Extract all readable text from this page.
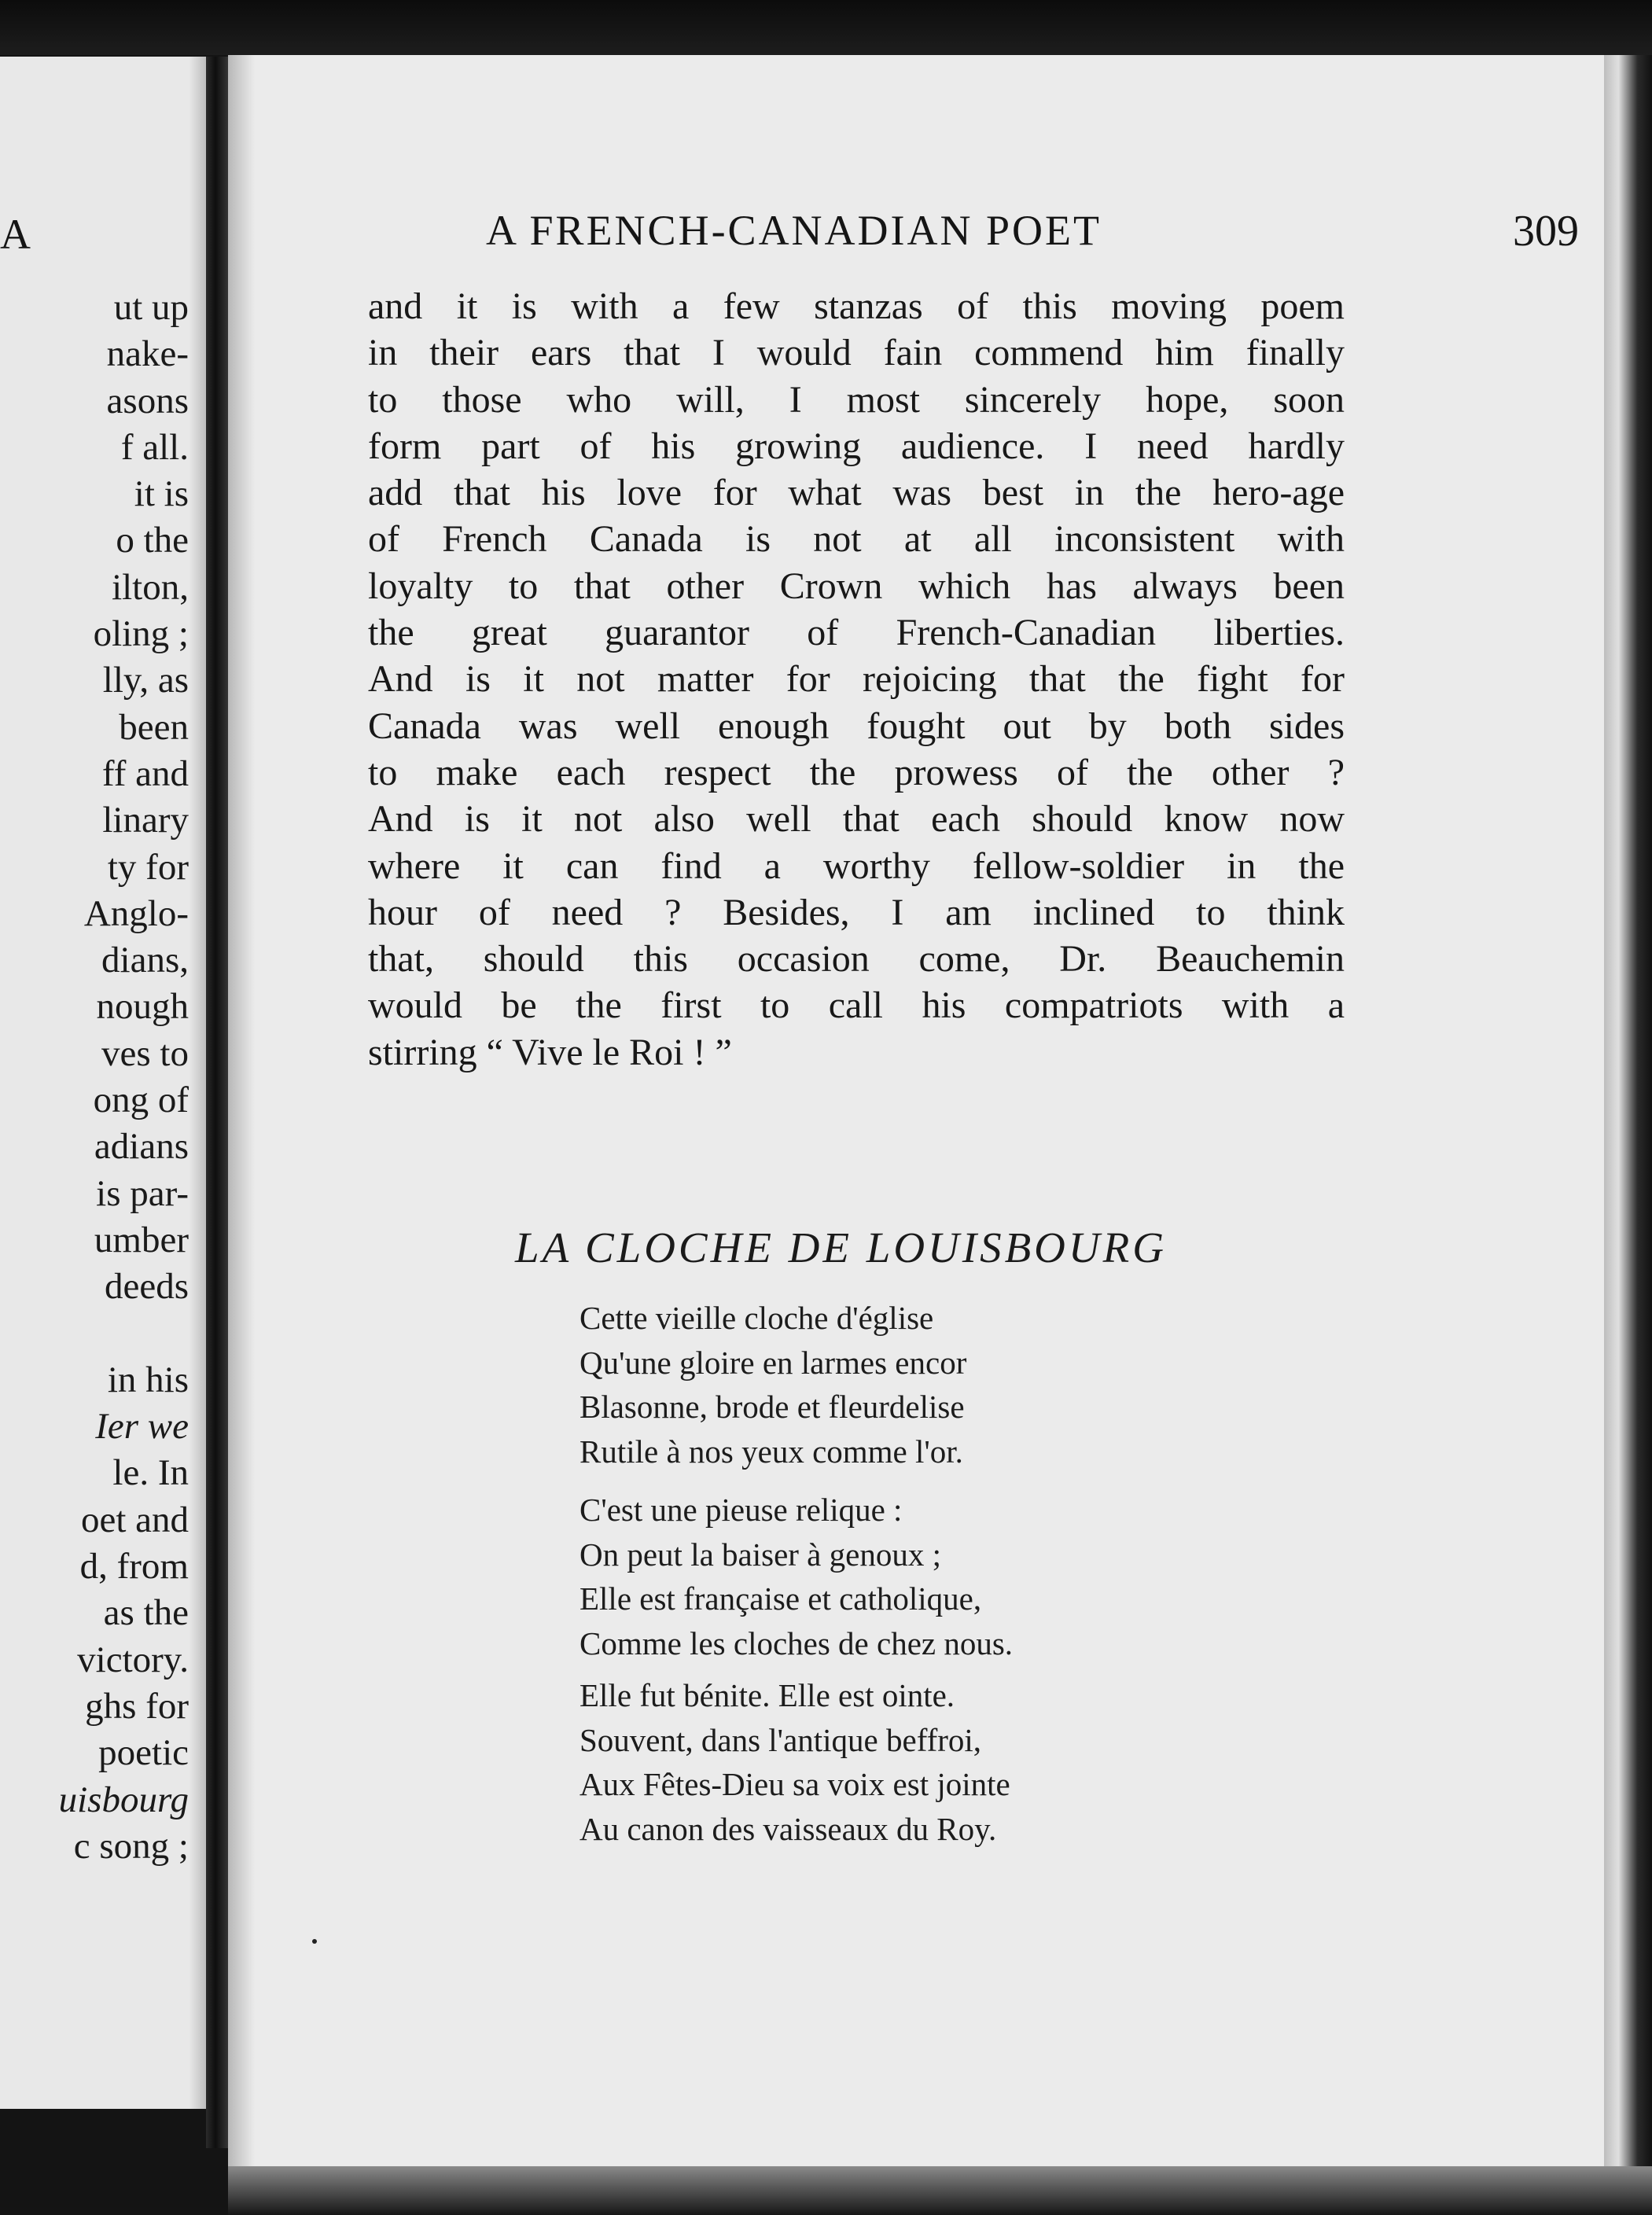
A
ut up
nake-
asons
f all.
it is
o the
ilton,
oling ;
lly, as
been
ff and
linary
ty for
Anglo-
dians,
nough
ves to
ong of
adians
is par-
umber
deeds
in his
Ier we
le. In
oet and
d, from
as the
victory.
ghs for
poetic
uisbourg
c song ;
A FRENCH-CANADIAN POET	309
and it is with a few stanzas of this moving poem
in their ears that I would fain commend him finally
to those who will, I most sincerely hope, soon
form part of his growing audience. I need hardly
add that his love for what was best in the hero-age
of French Canada is not at all inconsistent with
loyalty to that other Crown which has always been
the great guarantor of French-Canadian liberties.
And is it not matter for rejoicing that the fight for
Canada was well enough fought out by both sides
to make each respect the prowess of the other ?
And is it not also well that each should know now
where it can find a worthy fellow-soldier in the
hour of need ? Besides, I am inclined to think
that, should this occasion come, Dr. Beauchemin
would be the first to call his compatriots with a
stirring “ Vive le Roi ! ”
LA CLOCHE DE LOUISBOURG
Cette vieille cloche d'église
Qu'une gloire en larmes encor
Blasonne, brode et fleurdelise
Rutile à nos yeux comme l'or.
C'est une pieuse relique :
On peut la baiser à genoux ;
Elle est française et catholique,
Comme les cloches de chez nous.
Elle fut bénite. Elle est ointe.
Souvent, dans l'antique beffroi,
Aux Fêtes-Dieu sa voix est jointe
Au canon des vaisseaux du Roy.
